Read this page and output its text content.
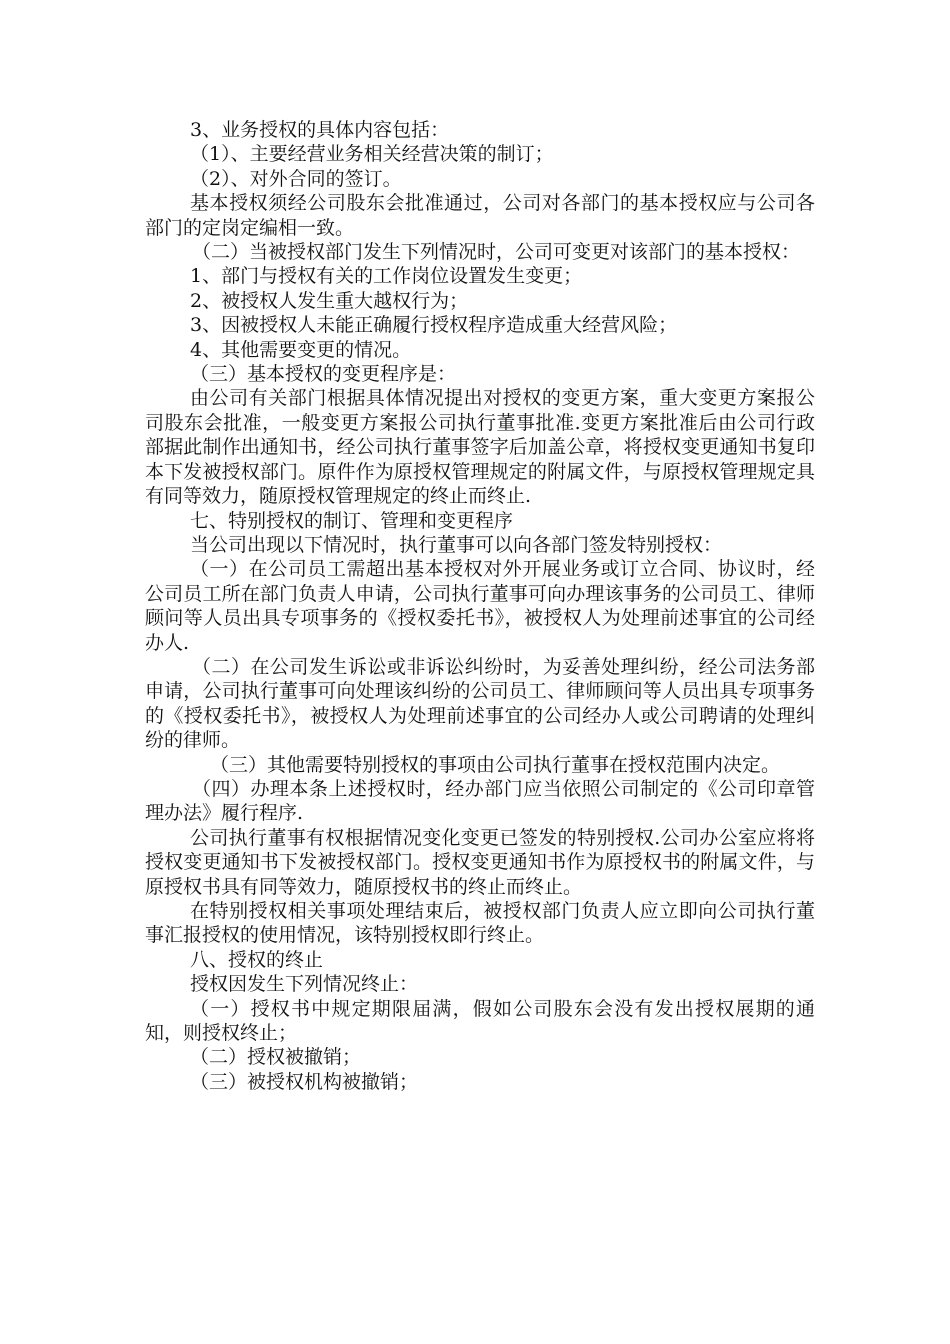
3、业务授权的具体内容包括：

（1）、主要经营业务相关经营决策的制订；

（2）、对外合同的签订。

基本授权须经公司股东会批准通过，公司对各部门的基本授权应与公司各部门的定岗定编相一致。

（二）当被授权部门发生下列情况时，公司可变更对该部门的基本授权：

1、部门与授权有关的工作岗位设置发生变更；

2、被授权人发生重大越权行为；

3、因被授权人未能正确履行授权程序造成重大经营风险；

4、其他需要变更的情况。

（三）基本授权的变更程序是：

由公司有关部门根据具体情况提出对授权的变更方案，重大变更方案报公司股东会批准，一般变更方案报公司执行董事批准.变更方案批准后由公司行政部据此制作出通知书，经公司执行董事签字后加盖公章，将授权变更通知书复印本下发被授权部门。原件作为原授权管理规定的附属文件，与原授权管理规定具有同等效力，随原授权管理规定的终止而终止.

七、特别授权的制订、管理和变更程序

当公司出现以下情况时，执行董事可以向各部门签发特别授权：

（一）在公司员工需超出基本授权对外开展业务或订立合同、协议时，经公司员工所在部门负责人申请，公司执行董事可向办理该事务的公司员工、律师顾问等人员出具专项事务的《授权委托书》，被授权人为处理前述事宜的公司经办人.

（二）在公司发生诉讼或非诉讼纠纷时，为妥善处理纠纷，经公司法务部申请，公司执行董事可向处理该纠纷的公司员工、律师顾问等人员出具专项事务的《授权委托书》，被授权人为处理前述事宜的公司经办人或公司聘请的处理纠纷的律师。

（三）其他需要特别授权的事项由公司执行董事在授权范围内决定。

（四）办理本条上述授权时，经办部门应当依照公司制定的《公司印章管理办法》履行程序.

公司执行董事有权根据情况变化变更已签发的特别授权.公司办公室应将将授权变更通知书下发被授权部门。授权变更通知书作为原授权书的附属文件，与原授权书具有同等效力，随原授权书的终止而终止。

在特别授权相关事项处理结束后，被授权部门负责人应立即向公司执行董事汇报授权的使用情况，该特别授权即行终止。

八、授权的终止

授权因发生下列情况终止：

（一）授权书中规定期限届满，假如公司股东会没有发出授权展期的通知，则授权终止；

（二）授权被撤销；

（三）被授权机构被撤销；
